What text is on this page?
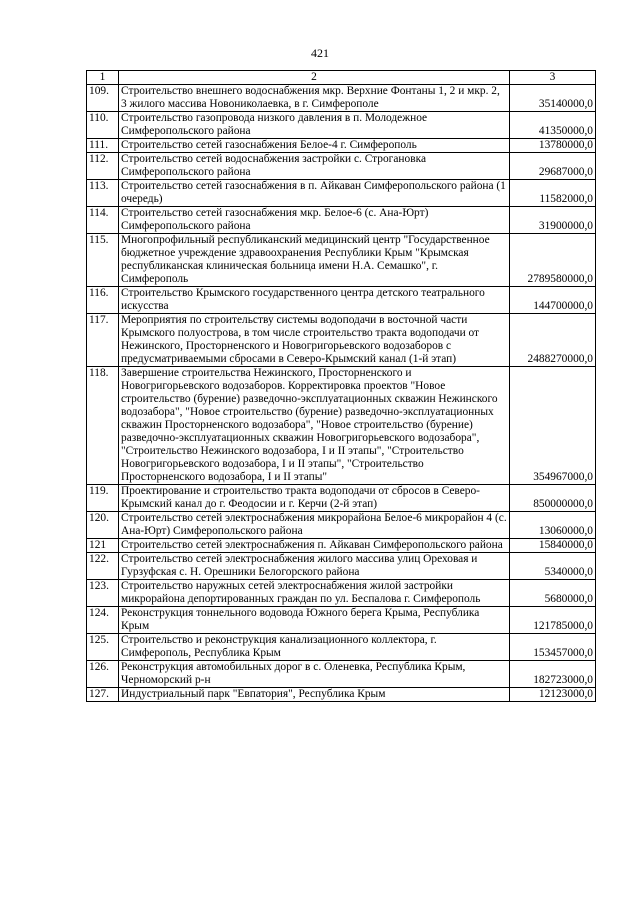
421
1	2	3
109.	Строительство внешнего водоснабжения мкр. Верхние Фонтаны 1, 2 и мкр. 2, 3 жилого массива Новониколаевка, в г. Симферополе	35140000,0
110.	Строительство газопровода низкого давления в п. Молодежное Симферопольского района	41350000,0
111.	Строительство сетей газоснабжения Белое-4 г. Симферополь	13780000,0
112.	Строительство сетей водоснабжения застройки с. Строгановка Симферопольского района	29687000,0
113.	Строительство сетей газоснабжения в п. Айкаван Симферопольского района (1 очередь)	11582000,0
114.	Строительство сетей газоснабжения мкр. Белое-6 (с. Ана-Юрт) Симферопольского района	31900000,0
115.	Многопрофильный республиканский медицинский центр "Государственное бюджетное учреждение здравоохранения Республики Крым "Крымская республиканская клиническая больница имени Н.А. Семашко", г. Симферополь	2789580000,0
116.	Строительство Крымского государственного центра детского театрального искусства	144700000,0
117.	Мероприятия по строительству системы водоподачи в восточной части Крымского полуострова, в том числе строительство тракта водоподачи от Нежинского, Просторненского и Новогригорьевского водозаборов с предусматриваемыми сбросами в Северо-Крымский канал (1-й этап)	2488270000,0
118.	Завершение строительства Нежинского, Просторненского и Новогригорьевского водозаборов. Корректировка проектов "Новое строительство (бурение) разведочно-эксплуатационных скважин Нежинского водозабора", "Новое строительство (бурение) разведочно-эксплуатационных скважин Просторненского водозабора", "Новое строительство (бурение) разведочно-эксплуатационных скважин Новогригорьевского водозабора", "Строительство Нежинского водозабора, I и II этапы", "Строительство Новогригорьевского водозабора, I и II этапы", "Строительство Просторненского водозабора, I и II этапы"	354967000,0
119.	Проектирование и строительство тракта водоподачи от сбросов в Северо-Крымский канал до г. Феодосии и г. Керчи (2-й этап)	850000000,0
120.	Строительство сетей электроснабжения микрорайона Белое-6 микрорайон 4 (с. Ана-Юрт) Симферопольского района	13060000,0
121	Строительство сетей электроснабжения п. Айкаван Симферопольского района	15840000,0
122.	Строительство сетей электроснабжения жилого массива улиц Ореховая и Гурзуфская с. Н. Орешники Белогорского района	5340000,0
123.	Строительство наружных сетей электроснабжения жилой застройки микрорайона депортированных граждан по ул. Беспалова г. Симферополь	5680000,0
124.	Реконструкция тоннельного водовода Южного берега Крыма, Республика Крым	121785000,0
125.	Строительство и реконструкция канализационного коллектора, г. Симферополь, Республика Крым	153457000,0
126.	Реконструкция автомобильных дорог в с. Оленевка, Республика Крым, Черноморский р-н	182723000,0
127.	Индустриальный парк "Евпатория", Республика Крым	12123000,0
